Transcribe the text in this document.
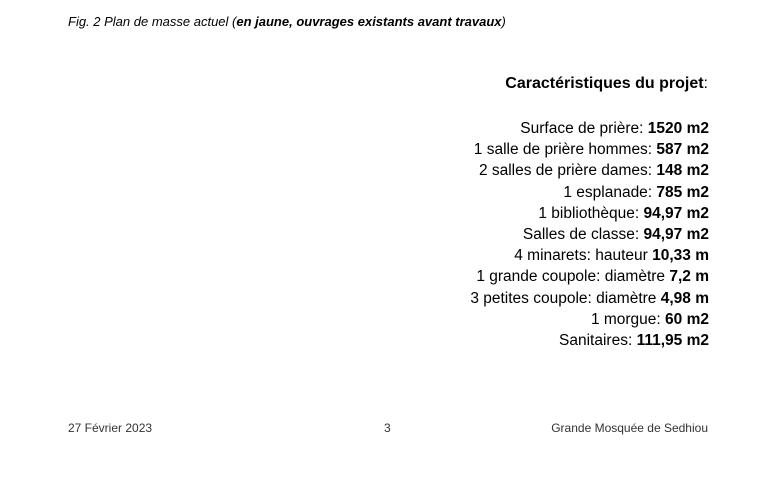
Fig. 2 Plan de masse actuel (en jaune, ouvrages existants avant travaux)
Caractéristiques du projet:
Surface de prière: 1520 m2
1 salle de prière hommes: 587 m2
2 salles de prière dames: 148 m2
1 esplanade: 785 m2
1 bibliothèque: 94,97 m2
Salles de classe: 94,97 m2
4 minarets: hauteur 10,33 m
1 grande coupole: diamètre 7,2 m
3 petites coupole: diamètre 4,98 m
1 morgue: 60 m2
Sanitaires: 111,95 m2
27 Février 2023	3	Grande Mosquée de Sedhiou
